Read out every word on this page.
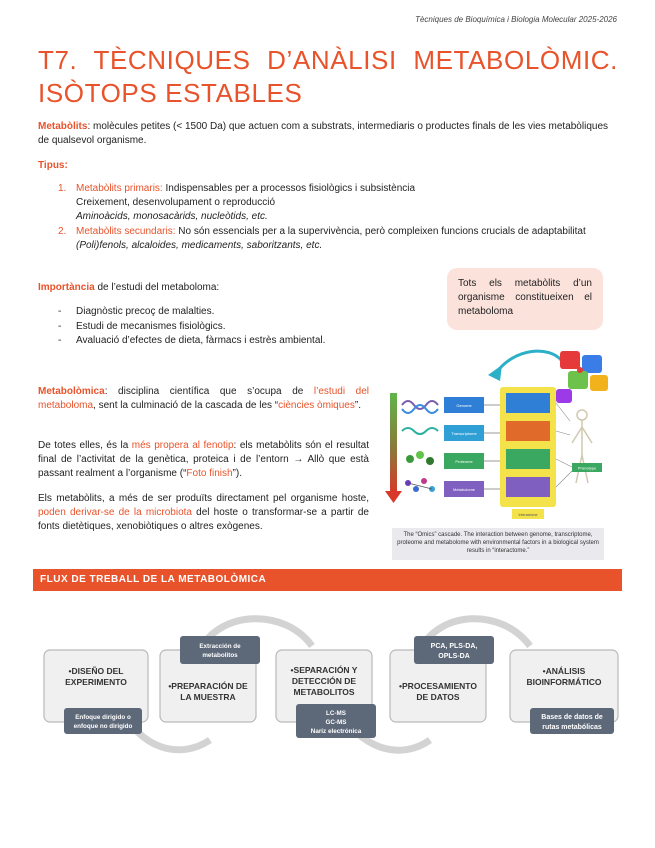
Tècniques de Bioquímica i Biologia Molecular 2025-2026
T7. TÈCNIQUES D’ANÀLISI METABOLÒMIC.
ISÒTOPS ESTABLES

Metabòlits: molècules petites (< 1500 Da) que actuen com a substrats, intermediaris o productes finals de les vies metabòliques de qualsevol organisme.

Tipus:

1. Metabòlits primaris: Indispensables per a processos fisiològics i subsistència
Creixement, desenvolupament o reproducció
Aminoàcids, monosacàrids, nucleòtids, etc.
2. Metabòlits secundaris: No són essencials per a la supervivència, però compleixen funcions crucials de adaptabilitat
(Poli)fenols, alcaloides, medicaments, saboritzants, etc.

Importància de l’estudi del metaboloma:

- Diagnòstic precoç de malalties.
- Estudi de mecanismes fisiològics.
- Avaluació d’efectes de dieta, fàrmacs i estrès ambiental.
Tots els metabòlits d’un organisme constitueixen el metaboloma

Metabolòmica: disciplina científica que s’ocupa de l’estudi del metaboloma, sent la culminació de la cascada de les “ciències òmiques”.

De totes elles, és la més propera al fenotip: els metabòlits són el resultat final de l’activitat de la genètica, proteica i de l’entorn → Allò que està passant realment a l’organisme (“Foto finish”).

Els metabòlits, a més de ser produïts directament pel organisme hoste, poden derivar-se de la microbiota del hoste o transformar-se a partir de fonts dietètiques, xenobiòtiques o altres exògenes.

Genome
Transcriptome
Proteome
Metabolome
Interactome
Phenotype
The “Omics” cascade. The interaction between genome, transcriptome, proteome and metabolome with environmental factors in a biological system results in “interactome.”
FLUX DE TREBALL DE LA METABOLÒMICA
•DISEÑO DEL
EXPERIMENTO	•PREPARACIÓN DE
LA MUESTRA
•SEPARACIÓN Y
DETECCIÓN DE
METABOLITOS
•PROCESAMIENTO
DE DATOS
•ANÁLISIS
BIOINFORMÁTICO
Enfoque dirigido o
enfoque no dirigido
Extracción de
metabolitos
LC-MS
GC-MS
Nariz electrónica
PCA, PLS-DA,
OPLS-DA
Bases de datos de
rutas metabólicas
